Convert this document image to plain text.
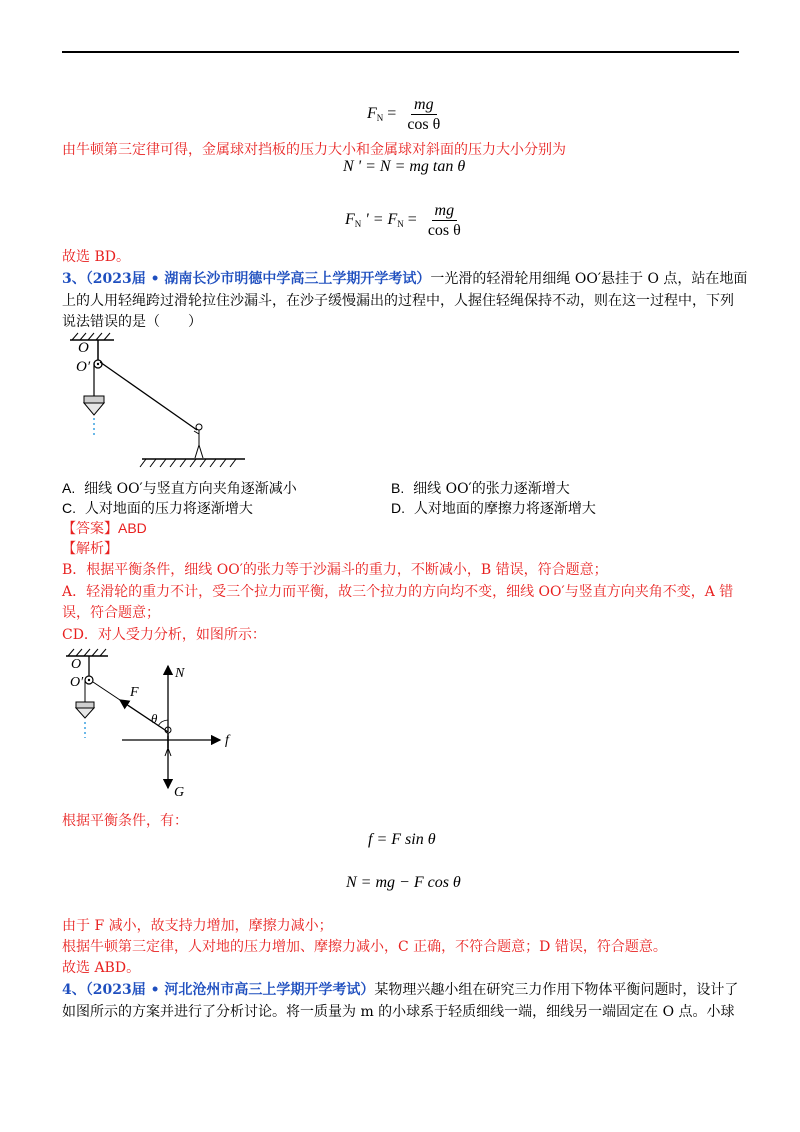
$F_N = \frac{mg}{\text{cos θ}}$
由牛顿第三定律可得，金属球对挡板的压力大小和金属球对斜面的压力大小分别为
N ' = N = mg tan θ
$F_N$ ' = $F_N = \frac{mg}{\text{cos θ}}$
故选 BD。
3、（2023届 • 湖南长沙市明德中学高三上学期开学考试）一光滑的轻滑轮用细绳 OO′悬挂于 O 点，站在地面
上的人用轻绳跨过滑轮拉住沙漏斗，在沙子缓慢漏出的过程中，人握住轻绳保持不动，则在这一过程中，下列
说法错误的是（　　）
O
O′
A. 细线 OO′与竖直方向夹角逐渐减小	B. 细线 OO′的张力逐渐增大
C. 人对地面的压力将逐渐增大	D. 人对地面的摩擦力将逐渐增大
【答案】ABD
【解析】
B．根据平衡条件，细线 OO′的张力等于沙漏斗的重力，不断减小，B 错误，符合题意；
A．轻滑轮的重力不计，受三个拉力而平衡，故三个拉力的方向均不变，细线 OO′与竖直方向夹角不变，A 错
误，符合题意；
CD．对人受力分析，如图所示：
O
O′
N
F
θ
f
G
根据平衡条件，有：
f = F sin θ
N = mg − F cos θ
由于 F 减小，故支持力增加，摩擦力减小；
根据牛顿第三定律，人对地的压力增加、摩擦力减小，C 正确，不符合题意；D 错误，符合题意。
故选 ABD。
4、（2023届 • 河北沧州市高三上学期开学考试）某物理兴趣小组在研究三力作用下物体平衡问题时，设计了
如图所示的方案并进行了分析讨论。将一质量为 m 的小球系于轻质细线一端，细线另一端固定在 O 点。小球
